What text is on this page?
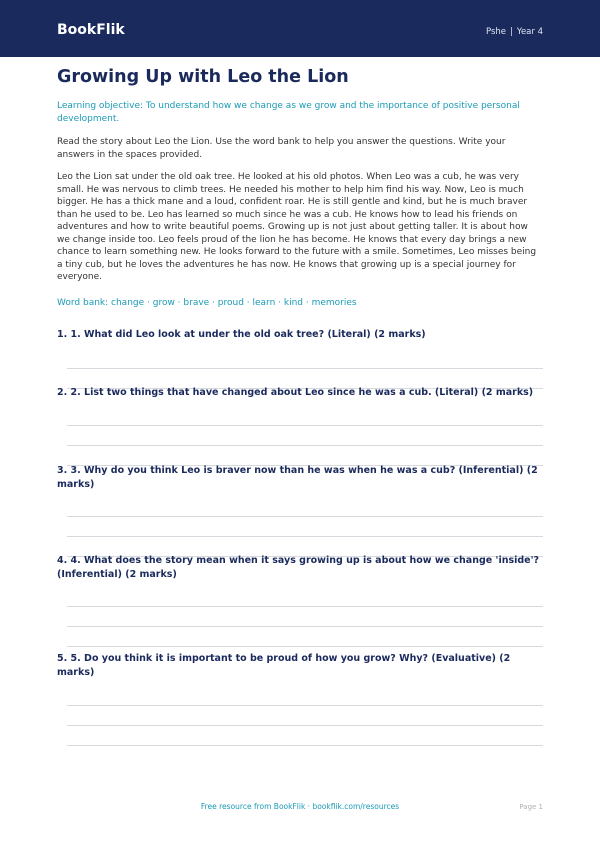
BookFlik	Pshe | Year 4
Growing Up with Leo the Lion
Learning objective: To understand how we change as we grow and the importance of positive personal development.
Read the story about Leo the Lion. Use the word bank to help you answer the questions. Write your answers in the spaces provided.
Leo the Lion sat under the old oak tree. He looked at his old photos. When Leo was a cub, he was very small. He was nervous to climb trees. He needed his mother to help him find his way. Now, Leo is much bigger. He has a thick mane and a loud, confident roar. He is still gentle and kind, but he is much braver than he used to be. Leo has learned so much since he was a cub. He knows how to lead his friends on adventures and how to write beautiful poems. Growing up is not just about getting taller. It is about how we change inside too. Leo feels proud of the lion he has become. He knows that every day brings a new chance to learn something new. He looks forward to the future with a smile. Sometimes, Leo misses being a tiny cub, but he loves the adventures he has now. He knows that growing up is a special journey for everyone.
Word bank: change · grow · brave · proud · learn · kind · memories
1. 1. What did Leo look at under the old oak tree? (Literal) (2 marks)
2. 2. List two things that have changed about Leo since he was a cub. (Literal) (2 marks)
3. 3. Why do you think Leo is braver now than he was when he was a cub? (Inferential) (2 marks)
4. 4. What does the story mean when it says growing up is about how we change 'inside'? (Inferential) (2 marks)
5. 5. Do you think it is important to be proud of how you grow? Why? (Evaluative) (2 marks)
Free resource from BookFlik · bookflik.com/resources	Page 1
